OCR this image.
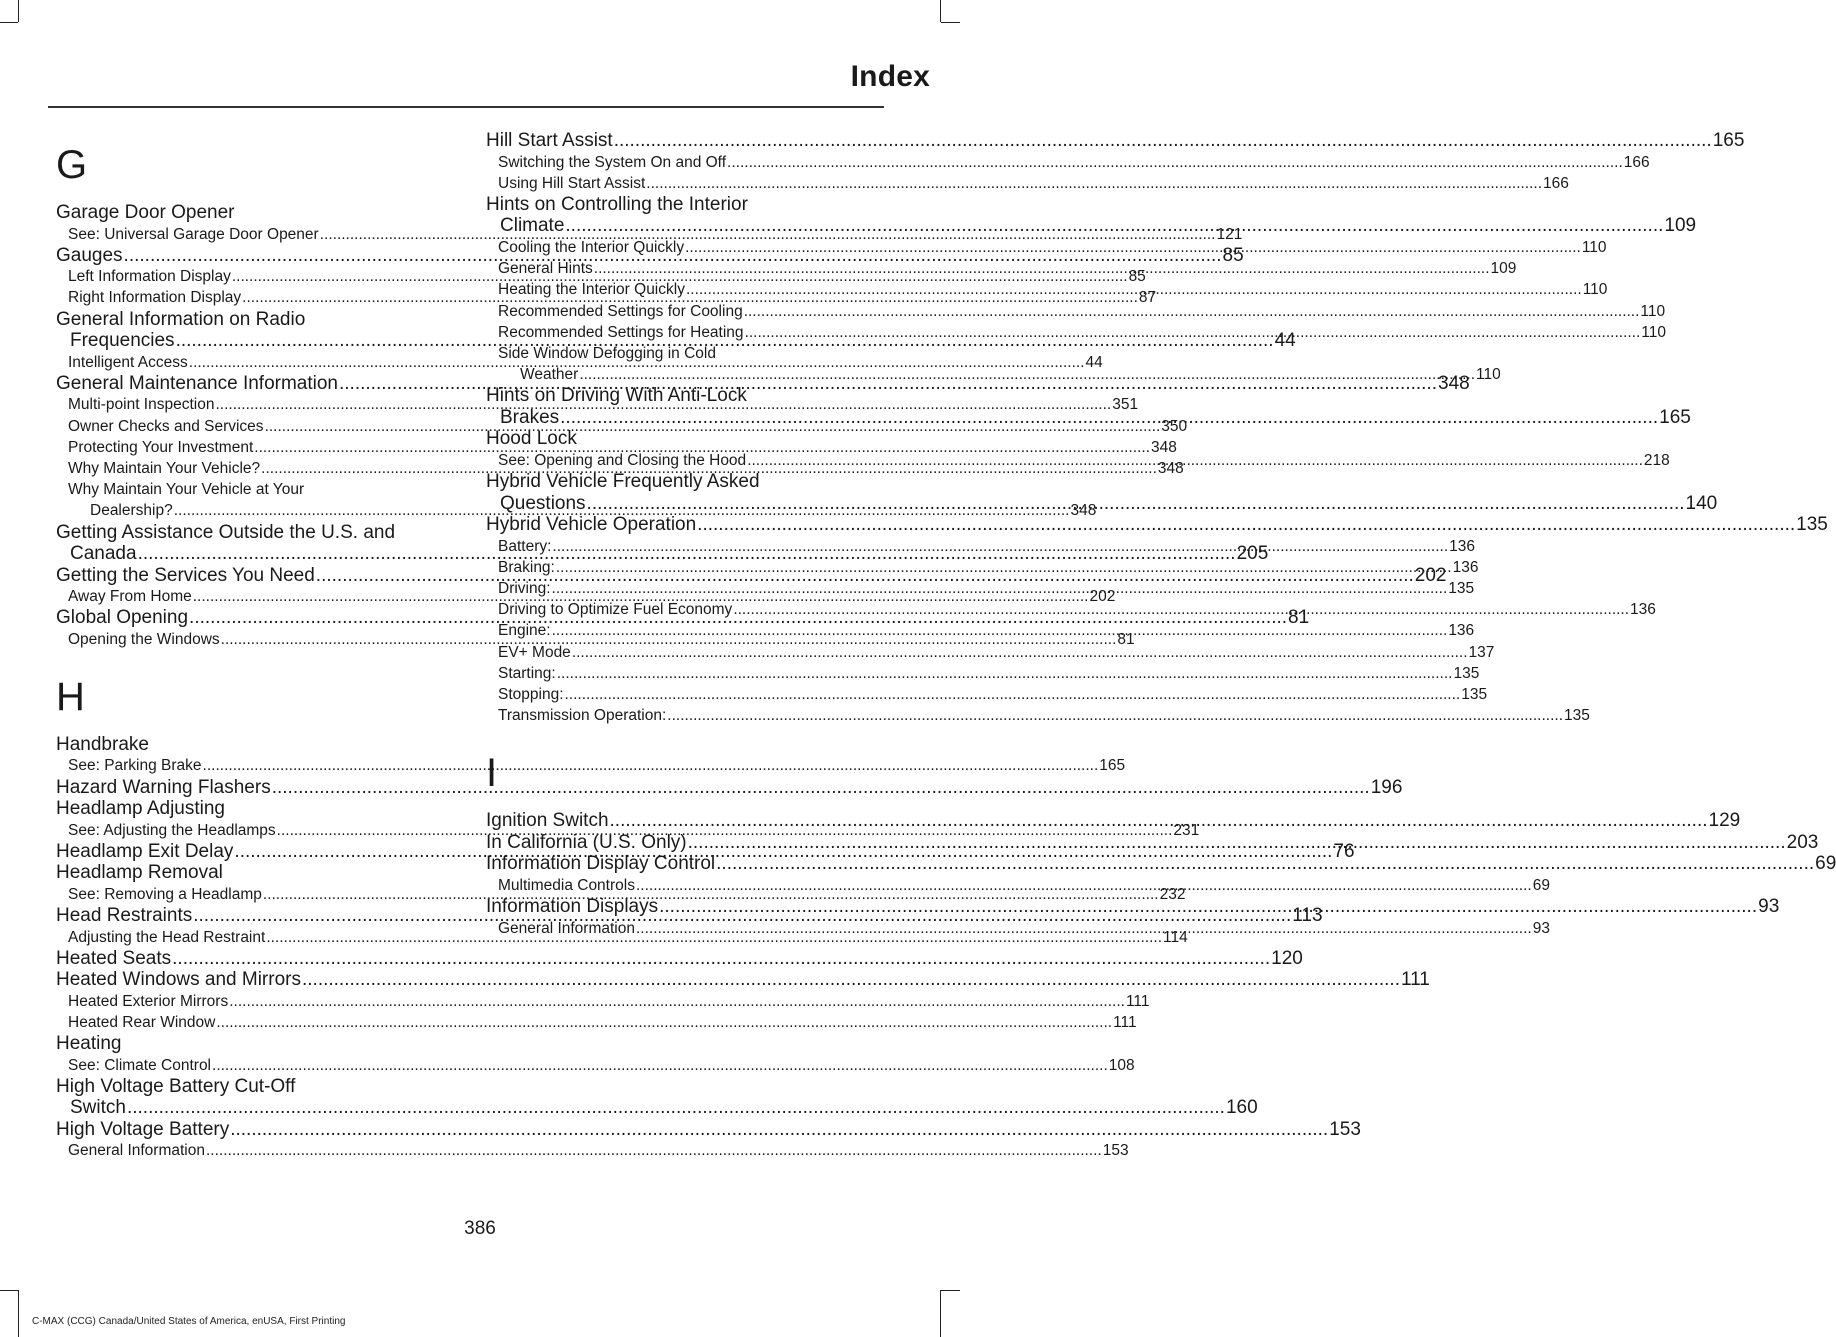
Index
G
Garage Door Opener
See: Universal Garage Door Opener .....	121
Gauges .....	85
Left Information Display .....	85
Right Information Display .....	87
General Information on Radio
Frequencies .....	44
Intelligent Access .....	44
General Maintenance Information .....	348
Multi-point Inspection .....	351
Owner Checks and Services .....	350
Protecting Your Investment .....	348
Why Maintain Your Vehicle? .....	348
Why Maintain Your Vehicle at Your
Dealership? .....	348
Getting Assistance Outside the U.S. and
Canada .....	205
Getting the Services You Need .....	202
Away From Home .....	202
Global Opening .....	81
Opening the Windows .....	81
H
Handbrake
See: Parking Brake .....	165
Hazard Warning Flashers .....	196
Headlamp Adjusting
See: Adjusting the Headlamps .....	231
Headlamp Exit Delay .....	76
Headlamp Removal
See: Removing a Headlamp .....	232
Head Restraints .....	113
Adjusting the Head Restraint .....	114
Heated Seats .....	120
Heated Windows and Mirrors .....	111
Heated Exterior Mirrors .....	111
Heated Rear Window .....	111
Heating
See: Climate Control .....	108
High Voltage Battery Cut-Off
Switch .....	160
High Voltage Battery .....	153
General Information .....	153
Hill Start Assist .....	165
Switching the System On and Off .....	166
Using Hill Start Assist .....	166
Hints on Controlling the Interior
Climate .....	109
Cooling the Interior Quickly .....	110
General Hints .....	109
Heating the Interior Quickly .....	110
Recommended Settings for Cooling .....	110
Recommended Settings for Heating .....	110
Side Window Defogging in Cold
Weather .....	110
Hints on Driving With Anti-Lock
Brakes .....	165
Hood Lock
See: Opening and Closing the Hood .....	218
Hybrid Vehicle Frequently Asked
Questions .....	140
Hybrid Vehicle Operation .....	135
Battery: .....	136
Braking: .....	136
Driving: .....	135
Driving to Optimize Fuel Economy .....	136
Engine: .....	136
EV+ Mode .....	137
Starting: .....	135
Stopping: .....	135
Transmission Operation: .....	135
I
Ignition Switch .....	129
In California (U.S. Only) .....	203
Information Display Control .....	69
Multimedia Controls .....	69
Information Displays .....	93
General Information .....	93
386
C-MAX (CCG) Canada/United States of America, enUSA, First Printing
